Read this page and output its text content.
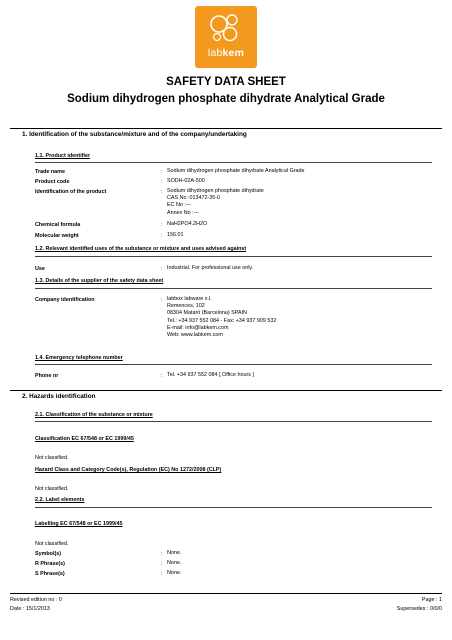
labkem
SAFETY DATA SHEET
Sodium dihydrogen phosphate dihydrate Analytical Grade
1. Identification of the substance/mixture and of the company/undertaking
1.1. Product identifier
Trade name	: Sodium dihydrogen phosphate dihydrate Analytical Grade
Product code	: SODH-02A-500
Identification of the product	: Sodium dihydrogen phosphate dihydrate
CAS No :013472-35-0
EC No :---
Annex No :---
Chemical formula	: NaH2PO4.2H2O
Molecular weight	: 156.01
1.2. Relevant identified uses of the substance or mixture and uses advised against
Use	: Industrial. For professional use only.
1.3. Details of the supplier of the safety data sheet
Company identification	: labbox labware s.l.
Remences, 102
08304 Mataró (Barcelona) SPAIN
Tel.: +34 937 552 084 - Fax: +34 937 909 532
E-mail: info@labkem.com
Web: www.labkem.com
1.4. Emergency telephone number
Phone nr	: Tel. +34 937 552 084 [ Office hours ]
2. Hazards identification
2.1. Classification of the substance or mixture
Classification EC 67/548 or EC 1999/45
Not classified.
Hazard Class and Category Code(s), Regulation (EC) No 1272/2008 (CLP)
Not classified.
2.2. Label elements
Labelling EC 67/548 or EC 1999/45
Not classified.
Symbol(s)	: None.
R Phrase(s)	: None.
S Phrase(s)	: None.
Revised edition no : 0
Date : 15/1/2013
Page : 1
Supersedes : 0/0/0
